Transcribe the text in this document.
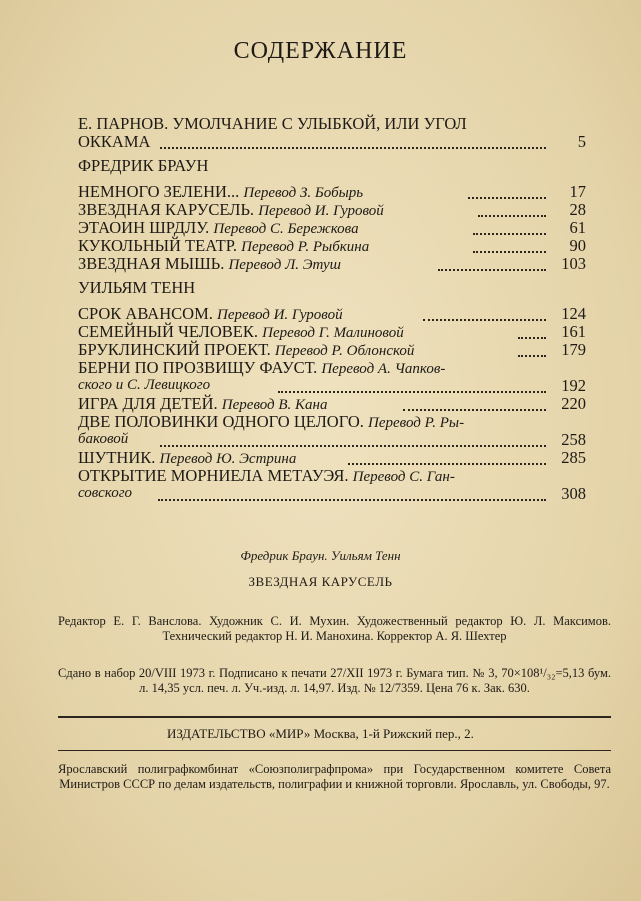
СОДЕРЖАНИЕ
Е. ПАРНОВ. УМОЛЧАНИЕ С УЛЫБКОЙ, ИЛИ УГОЛ
ОККАМА	5
ФРЕДРИК БРАУН
НЕМНОГО ЗЕЛЕНИ... Перевод З. Бобырь	17
ЗВЕЗДНАЯ КАРУСЕЛЬ. Перевод И. Гуровой	28
ЭТАОИН ШРДЛУ. Перевод С. Бережкова	61
КУКОЛЬНЫЙ ТЕАТР. Перевод Р. Рыбкина	90
ЗВЕЗДНАЯ МЫШЬ. Перевод Л. Этуш	103
УИЛЬЯМ ТЕНН
СРОК АВАНСОМ. Перевод И. Гуровой	124
СЕМЕЙНЫЙ ЧЕЛОВЕК. Перевод Г. Малиновой	161
БРУКЛИНСКИЙ ПРОЕКТ. Перевод Р. Облонской	179
БЕРНИ ПО ПРОЗВИЩУ ФАУСТ. Перевод А. Чапков-
ского и С. Левицкого	192
ИГРА ДЛЯ ДЕТЕЙ. Перевод В. Кана	220
ДВЕ ПОЛОВИНКИ ОДНОГО ЦЕЛОГО. Перевод Р. Ры-
баковой	258
ШУТНИК. Перевод Ю. Эстрина	285
ОТКРЫТИЕ МОРНИЕЛА МЕТАУЭЯ. Перевод С. Ган-
совского	308
Фредрик Браун. Уильям Тенн
ЗВЕЗДНАЯ КАРУСЕЛЬ
Редактор Е. Г. Ванслова. Художник С. И. Мухин. Художественный редактор Ю. Л. Максимов. Технический редактор Н. И. Манохина. Корректор А. Я. Шехтер
Сдано в набор 20/VIII 1973 г. Подписано к печати 27/XII 1973 г. Бумага тип. № 3, 70×108¹/₃₂=5,13 бум. л. 14,35 усл. печ. л. Уч.-изд. л. 14,97. Изд. № 12/7359. Цена 76 к. Зак. 630.
ИЗДАТЕЛЬСТВО «МИР» Москва, 1-й Рижский пер., 2.
Ярославский полиграфкомбинат «Союзполиграфпрома» при Государственном комитете Совета Министров СССР по делам издательств, полиграфии и книжной торговли. Ярославль, ул. Свободы, 97.
